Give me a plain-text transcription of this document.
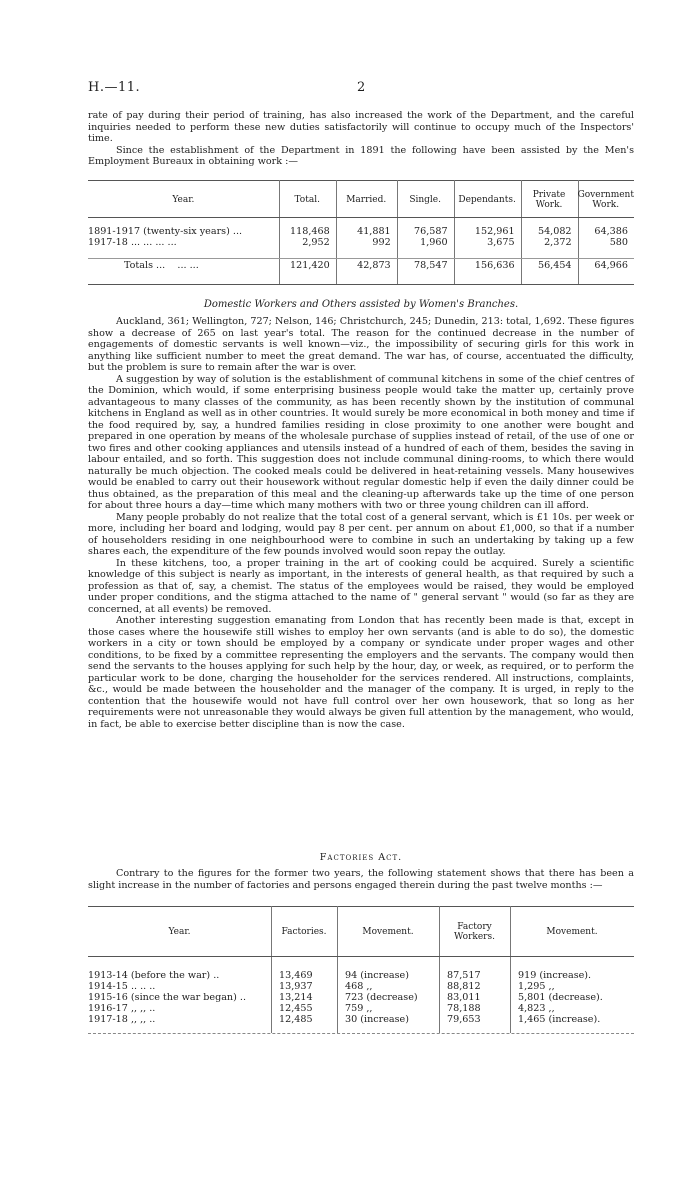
H.—11.	2

rate of pay during their period of training, has also increased the work of the Department, and the careful inquiries needed to perform these new duties satisfactorily will continue to occupy much of the Inspectors' time.

Since the establishment of the Department in 1891 the following have been assisted by the Men's Employment Bureaux in obtaining work :—

Year.	Total.	Married.	Single.	Dependants.	Private Work.	Government Work.

1891-1917 (twenty-six years) ...	118,468	41,881	76,587	152,961	54,082	64,386
1917-18 ... ... ... ...	2,952	992	1,960	3,675	2,372	580

Totals ... ... ...	121,420	42,873	78,547	156,636	56,454	64,966
Domestic Workers and Others assisted by Women's Branches.

Auckland, 361; Wellington, 727; Nelson, 146; Christchurch, 245; Dunedin, 213: total, 1,692. These figures show a decrease of 265 on last year's total. The reason for the continued decrease in the number of engagements of domestic servants is well known—viz., the impossibility of securing girls for this work in anything like sufficient number to meet the great demand. The war has, of course, accentuated the difficulty, but the problem is sure to remain after the war is over.

A suggestion by way of solution is the establishment of communal kitchens in some of the chief centres of the Dominion, which would, if some enterprising business people would take the matter up, certainly prove advantageous to many classes of the community, as has been recently shown by the institution of communal kitchens in England as well as in other countries. It would surely be more economical in both money and time if the food required by, say, a hundred families residing in close proximity to one another were bought and prepared in one operation by means of the wholesale purchase of supplies instead of retail, of the use of one or two fires and other cooking appliances and utensils instead of a hundred of each of them, besides the saving in labour entailed, and so forth. This suggestion does not include communal dining-rooms, to which there would naturally be much objection. The cooked meals could be delivered in heat-retaining vessels. Many housewives would be enabled to carry out their housework without regular domestic help if even the daily dinner could be thus obtained, as the preparation of this meal and the cleaning-up afterwards take up the time of one person for about three hours a day—time which many mothers with two or three young children can ill afford.

Many people probably do not realize that the total cost of a general servant, which is £1 10s. per week or more, including her board and lodging, would pay 8 per cent. per annum on about £1,000, so that if a number of householders residing in one neighbourhood were to combine in such an undertaking by taking up a few shares each, the expenditure of the few pounds involved would soon repay the outlay.

In these kitchens, too, a proper training in the art of cooking could be acquired. Surely a scientific knowledge of this subject is nearly as important, in the interests of general health, as that required by such a profession as that of, say, a chemist. The status of the employees would be raised, they would be employed under proper conditions, and the stigma attached to the name of " general servant " would (so far as they are concerned, at all events) be removed.

Another interesting suggestion emanating from London that has recently been made is that, except in those cases where the housewife still wishes to employ her own servants (and is able to do so), the domestic workers in a city or town should be employed by a company or syndicate under proper wages and other conditions, to be fixed by a committee representing the employers and the servants. The company would then send the servants to the houses applying for such help by the hour, day, or week, as required, or to perform the particular work to be done, charging the householder for the services rendered. All instructions, complaints, &c., would be made between the householder and the manager of the company. It is urged, in reply to the contention that the housewife would not have full control over her own housework, that so long as her requirements were not unreasonable they would always be given full attention by the management, who would, in fact, be able to exercise better discipline than is now the case.

Factories Act.

Contrary to the figures for the former two years, the following statement shows that there has been a slight increase in the number of factories and persons engaged therein during the past twelve months :—

Year.	Factories.	Movement.	Factory Workers.	Movement.

1913-14 (before the war) ..	13,469	94 (increase)	87,517	919 (increase).
1914-15 .. .. ..	13,937	468 ,,	88,812	1,295 ,,
1915-16 (since the war began) ..	13,214	723 (decrease)	83,011	5,801 (decrease).
1916-17 ,, ,, ..	12,455	759 ,,	78,188	4,823 ,,
1917-18 ,, ,, ..	12,485	30 (increase)	79,653	1,465 (increase).
